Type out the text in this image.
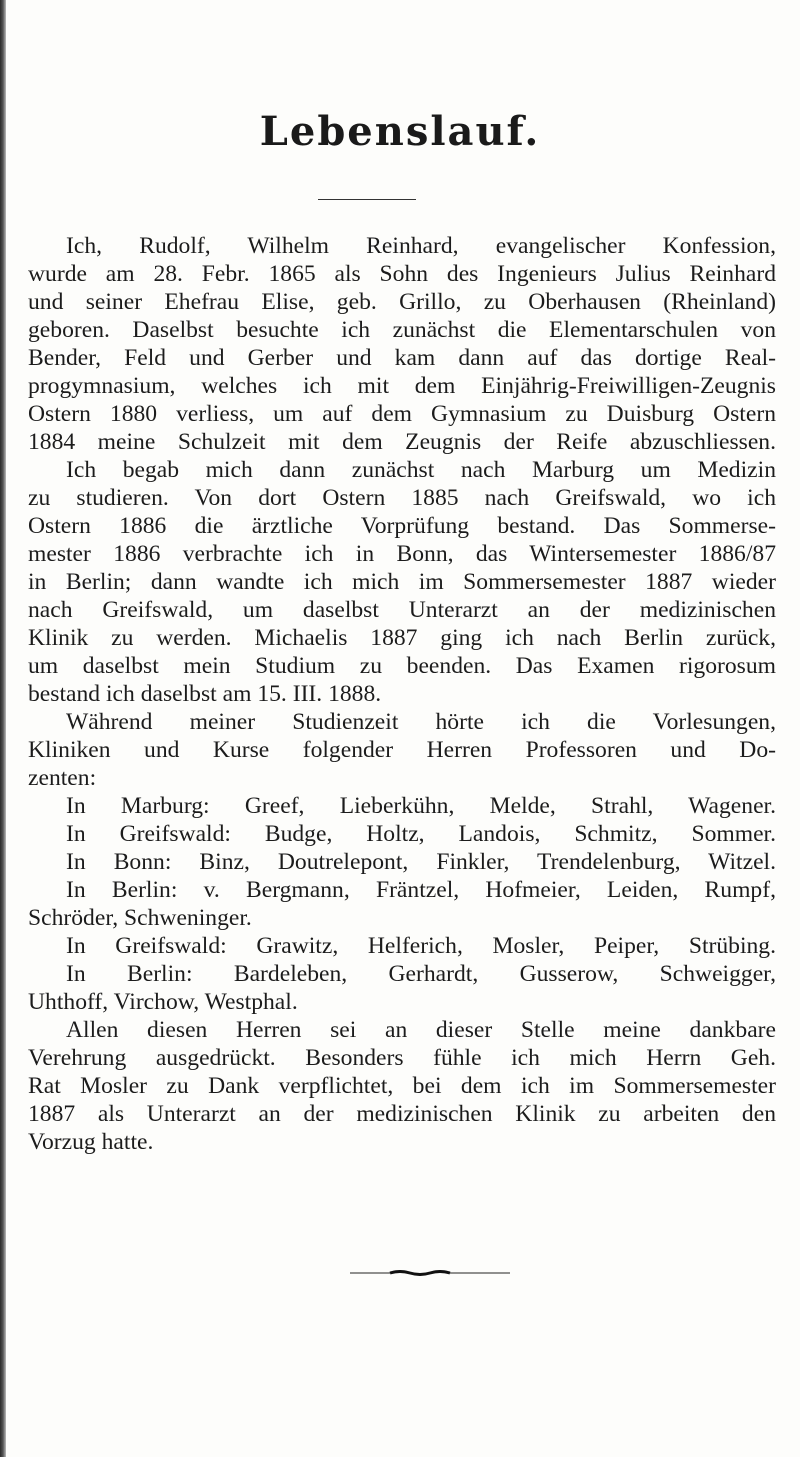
Lebenslauf.
Ich, Rudolf, Wilhelm Reinhard, evangelischer Konfession,
wurde am 28. Febr. 1865 als Sohn des Ingenieurs Julius Reinhard
und seiner Ehefrau Elise, geb. Grillo, zu Oberhausen (Rheinland)
geboren. Daselbst besuchte ich zunächst die Elementarschulen von
Bender, Feld und Gerber und kam dann auf das dortige Real-
progymnasium, welches ich mit dem Einjährig-Freiwilligen-Zeugnis
Ostern 1880 verliess, um auf dem Gymnasium zu Duisburg Ostern
1884 meine Schulzeit mit dem Zeugnis der Reife abzuschliessen.
Ich begab mich dann zunächst nach Marburg um Medizin
zu studieren. Von dort Ostern 1885 nach Greifswald, wo ich
Ostern 1886 die ärztliche Vorprüfung bestand. Das Sommerse-
mester 1886 verbrachte ich in Bonn, das Wintersemester 1886/87
in Berlin; dann wandte ich mich im Sommersemester 1887 wieder
nach Greifswald, um daselbst Unterarzt an der medizinischen
Klinik zu werden. Michaelis 1887 ging ich nach Berlin zurück,
um daselbst mein Studium zu beenden. Das Examen rigorosum
bestand ich daselbst am 15. III. 1888.
Während meiner Studienzeit hörte ich die Vorlesungen,
Kliniken und Kurse folgender Herren Professoren und Do-
zenten:
In Marburg: Greef, Lieberkühn, Melde, Strahl, Wagener.
In Greifswald: Budge, Holtz, Landois, Schmitz, Sommer.
In Bonn: Binz, Doutrelepont, Finkler, Trendelenburg, Witzel.
In Berlin: v. Bergmann, Fräntzel, Hofmeier, Leiden, Rumpf,
Schröder, Schweninger.
In Greifswald: Grawitz, Helferich, Mosler, Peiper, Strübing.
In Berlin: Bardeleben, Gerhardt, Gusserow, Schweigger,
Uhthoff, Virchow, Westphal.
Allen diesen Herren sei an dieser Stelle meine dankbare
Verehrung ausgedrückt. Besonders fühle ich mich Herrn Geh.
Rat Mosler zu Dank verpflichtet, bei dem ich im Sommersemester
1887 als Unterarzt an der medizinischen Klinik zu arbeiten den
Vorzug hatte.
